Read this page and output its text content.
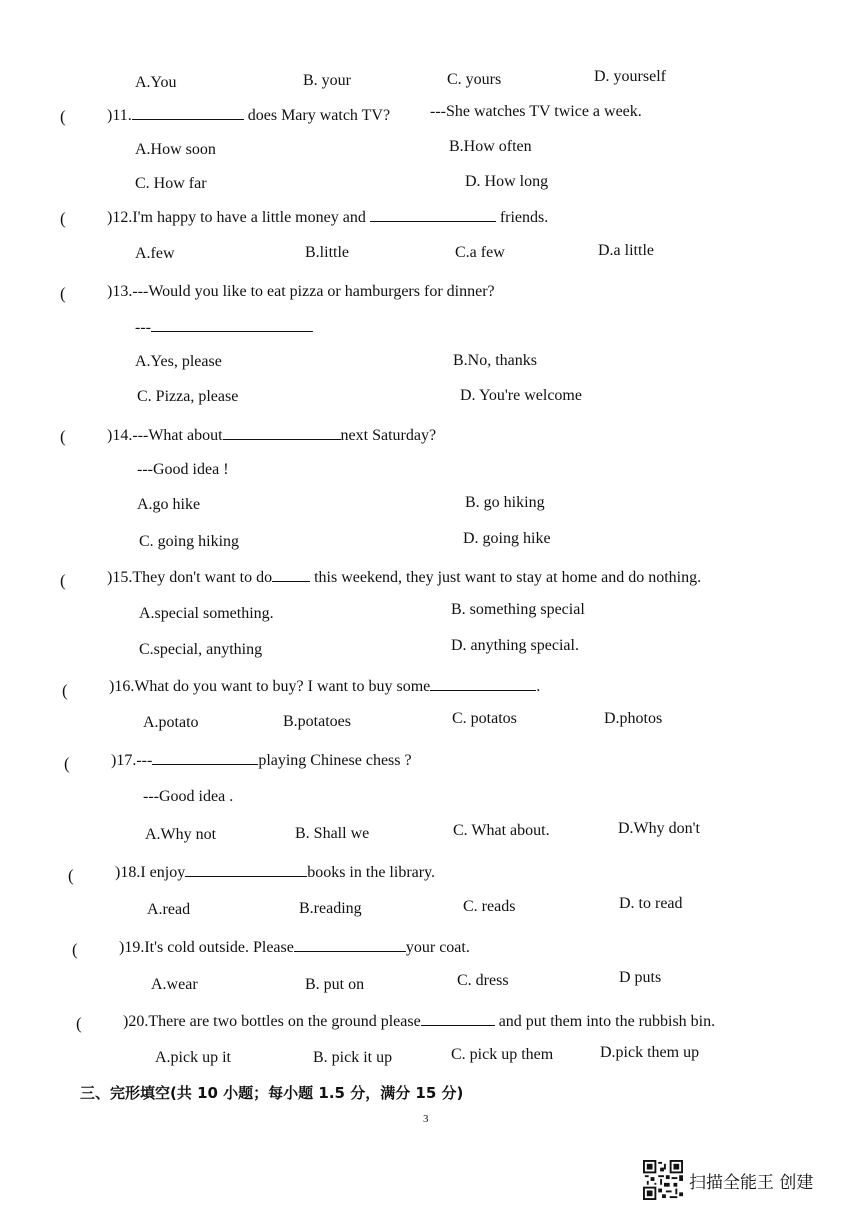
A.You	B. your	C. yours	D. yourself
(	)11.	does Mary watch TV? ---She watches TV twice a week.
A.How soon	B.How often
C. How far	D. How long
(	)12.I'm happy to have a little money and	friends.
A.few	B.little	C.a few	D.a little
(	)13.---Would you like to eat pizza or hamburgers for dinner?
---
A.Yes, please	B.No, thanks
C. Pizza, please	D. You're welcome
(	)14.---What about	next Saturday?
---Good idea !
A.go hike	B. go hiking
C. going hiking	D. going hike
(	)15.They don't want to do	this weekend, they just want to stay at home and do nothing.
A.special something.	B. something special
C.special, anything	D. anything special.
(	)16.What do you want to buy? I want to buy some	.
A.potato	B.potatoes	C. potatos	D.photos
(	)17.---	playing Chinese chess ?
---Good idea .
A.Why not	B. Shall we	C. What about.	D.Why don't
(	)18.I enjoy	books in the library.
A.read	B.reading	C. reads	D. to read
(	)19.It's cold outside. Please	your coat.
A.wear	B. put on	C. dress	D puts
(	)20.There are two bottles on the ground please	and put them into the rubbish bin.
A.pick up it	B. pick it up	C. pick up them	D.pick them up
三、完形填空(共 10 小题；每小题 1.5 分，满分 15 分)
3
扫描全能王 创建
